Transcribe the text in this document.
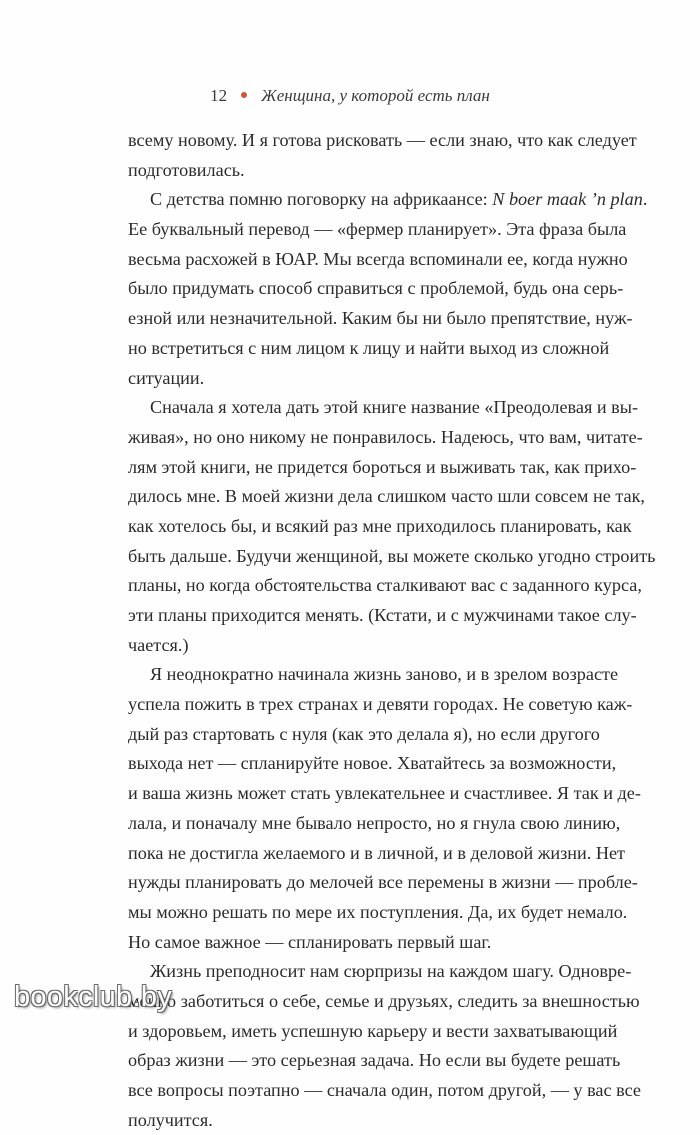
12 Женщина, у которой есть план
всему новому. И я готова рисковать — если знаю, что как следует
подготовилась.
С детства помню поговорку на африкаансе: N boer maak ’n plan.
Ее буквальный перевод — «фермер планирует». Эта фраза была
весьма расхожей в ЮАР. Мы всегда вспоминали ее, когда нужно
было придумать способ справиться с проблемой, будь она серь-
езной или незначительной. Каким бы ни было препятствие, нуж-
но встретиться с ним лицом к лицу и найти выход из сложной
ситуации.
Сначала я хотела дать этой книге название «Преодолевая и вы-
живая», но оно никому не понравилось. Надеюсь, что вам, читате-
лям этой книги, не придется бороться и выживать так, как прихо-
дилось мне. В моей жизни дела слишком часто шли совсем не так,
как хотелось бы, и всякий раз мне приходилось планировать, как
быть дальше. Будучи женщиной, вы можете сколько угодно строить
планы, но когда обстоятельства сталкивают вас с заданного курса,
эти планы приходится менять. (Кстати, и с мужчинами такое слу-
чается.)
Я неоднократно начинала жизнь заново, и в зрелом возрасте
успела пожить в трех странах и девяти городах. Не советую каж-
дый раз стартовать с нуля (как это делала я), но если другого
выхода нет — спланируйте новое. Хватайтесь за возможности,
и ваша жизнь может стать увлекательнее и счастливее. Я так и де-
лала, и поначалу мне бывало непросто, но я гнула свою линию,
пока не достигла желаемого и в личной, и в деловой жизни. Нет
нужды планировать до мелочей все перемены в жизни — пробле-
мы можно решать по мере их поступления. Да, их будет немало.
Но самое важное — спланировать первый шаг.
Жизнь преподносит нам сюрпризы на каждом шагу. Одновре-
менно заботиться о себе, семье и друзьях, следить за внешностью
и здоровьем, иметь успешную карьеру и вести захватывающий
образ жизни — это серьезная задача. Но если вы будете решать
все вопросы поэтапно — сначала один, потом другой, — у вас все
получится.
bookclub.by
